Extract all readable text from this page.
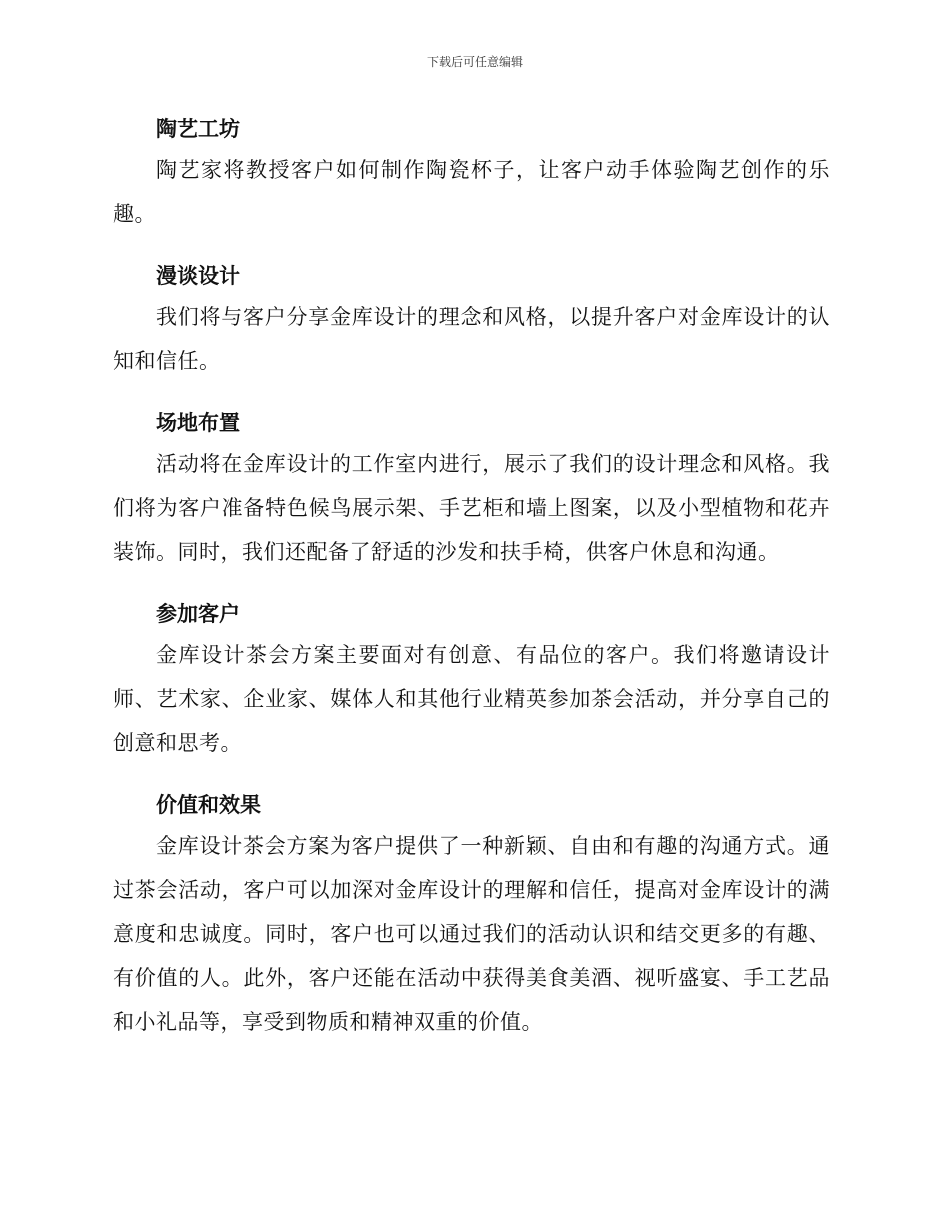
下载后可任意编辑
陶艺工坊

陶艺家将教授客户如何制作陶瓷杯子，让客户动手体验陶艺创作的乐趣。

漫谈设计

我们将与客户分享金库设计的理念和风格，以提升客户对金库设计的认知和信任。

场地布置

活动将在金库设计的工作室内进行，展示了我们的设计理念和风格。我们将为客户准备特色候鸟展示架、手艺柜和墙上图案，以及小型植物和花卉装饰。同时，我们还配备了舒适的沙发和扶手椅，供客户休息和沟通。

参加客户

金库设计茶会方案主要面对有创意、有品位的客户。我们将邀请设计师、艺术家、企业家、媒体人和其他行业精英参加茶会活动，并分享自己的创意和思考。

价值和效果

金库设计茶会方案为客户提供了一种新颖、自由和有趣的沟通方式。通过茶会活动，客户可以加深对金库设计的理解和信任，提高对金库设计的满意度和忠诚度。同时，客户也可以通过我们的活动认识和结交更多的有趣、有价值的人。此外，客户还能在活动中获得美食美酒、视听盛宴、手工艺品和小礼品等，享受到物质和精神双重的价值。
